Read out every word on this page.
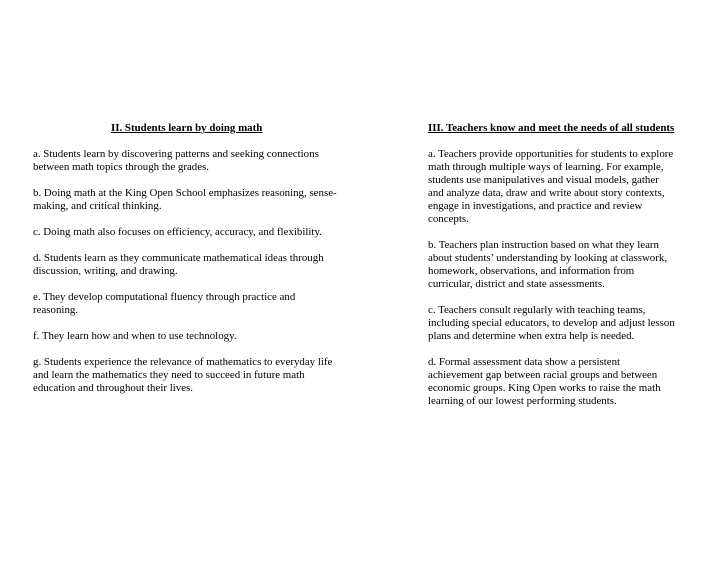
II. Students learn by doing math
a. Students learn by discovering patterns and seeking connections
between math topics through the grades.
b. Doing math at the King Open School emphasizes reasoning, sense-
making, and critical thinking.
c. Doing math also focuses on efficiency, accuracy, and flexibility.
d. Students learn as they communicate mathematical ideas through
discussion, writing, and drawing.
e. They develop computational fluency through practice and
reasoning.
f. They learn how and when to use technology.
g. Students experience the relevance of mathematics to everyday life
and learn the mathematics they need to succeed in future math
education and throughout their lives.
III. Teachers know and meet the needs of all students
a. Teachers provide opportunities for students to explore
math through multiple ways of learning. For example,
students use manipulatives and visual models, gather
and analyze data, draw and write about story contexts,
engage in investigations, and practice and review
concepts.
b. Teachers plan instruction based on what they learn
about students’ understanding by looking at classwork,
homework, observations, and information from
curricular, district and state assessments.
c. Teachers consult regularly with teaching teams,
including special educators, to develop and adjust lesson
plans and determine when extra help is needed.
d. Formal assessment data show a persistent
achievement gap between racial groups and between
economic groups. King Open works to raise the math
learning of our lowest performing students.
